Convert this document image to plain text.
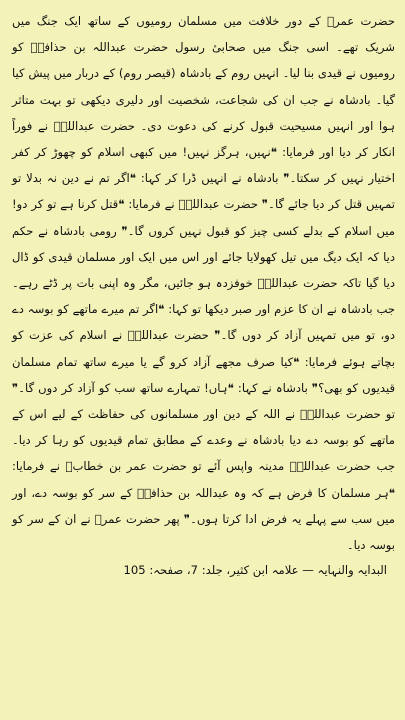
حضرت عمرؓ کے دور خلافت میں مسلمان رومیوں کے ساتھ ایک جنگ میں شریک تھے۔ اسی جنگ میں صحابیٔ رسول حضرت عبداللہ بن حذافہؓ کو رومیوں نے قیدی بنا لیا۔ انہیں روم کے بادشاہ (قیصر روم) کے دربار میں پیش کیا گیا۔ بادشاہ نے جب ان کی شجاعت، شخصیت اور دلیری دیکھی تو بہت متاثر ہوا اور انہیں مسیحیت قبول کرنے کی دعوت دی۔ حضرت عبداللہؓ نے فوراً انکار کر دیا اور فرمایا: ❝نہیں، ہرگز نہیں! میں کبھی اسلام کو چھوڑ کر کفر اختیار نہیں کر سکتا۔❞ بادشاہ نے انہیں ڈرا کر کہا: ❝اگر تم نے دین نہ بدلا تو تمہیں قتل کر دیا جائے گا۔❞ حضرت عبداللہؓ نے فرمایا: ❝قتل کرنا ہے تو کر دو! میں اسلام کے بدلے کسی چیز کو قبول نہیں کروں گا۔❞ رومی بادشاہ نے حکم دیا کہ ایک دیگ میں تیل کھولایا جائے اور اس میں ایک اور مسلمان قیدی کو ڈال دیا گیا تاکہ حضرت عبداللہؓ خوفزدہ ہو جائیں، مگر وہ اپنی بات پر ڈٹے رہے۔ جب بادشاہ نے ان کا عزم اور صبر دیکھا تو کہا: ❝اگر تم میرے ماتھے کو بوسہ دے دو، تو میں تمہیں آزاد کر دوں گا۔❞ حضرت عبداللہؓ نے اسلام کی عزت کو بچاتے ہوئے فرمایا: ❝کیا صرف مجھے آزاد کرو گے یا میرے ساتھ تمام مسلمان قیدیوں کو بھی؟❞ بادشاہ نے کہا: ❝ہاں! تمہارے ساتھ سب کو آزاد کر دوں گا۔❞ تو حضرت عبداللہؓ نے اللہ کے دین اور مسلمانوں کی حفاظت کے لیے اس کے ماتھے کو بوسہ دے دیا بادشاہ نے وعدے کے مطابق تمام قیدیوں کو رہا کر دیا۔ جب حضرت عبداللہؓ مدینہ واپس آئے تو حضرت عمر بن خطابؓ نے فرمایا: ❝ہر مسلمان کا فرض ہے کہ وہ عبداللہ بن حذافہؓ کے سر کو بوسہ دے، اور میں سب سے پہلے یہ فرض ادا کرتا ہوں۔❞ پھر حضرت عمرؓ نے ان کے سر کو بوسہ دیا۔

البدایہ والنہایہ — علامہ ابن کثیر، جلد: 7، صفحہ: 105
